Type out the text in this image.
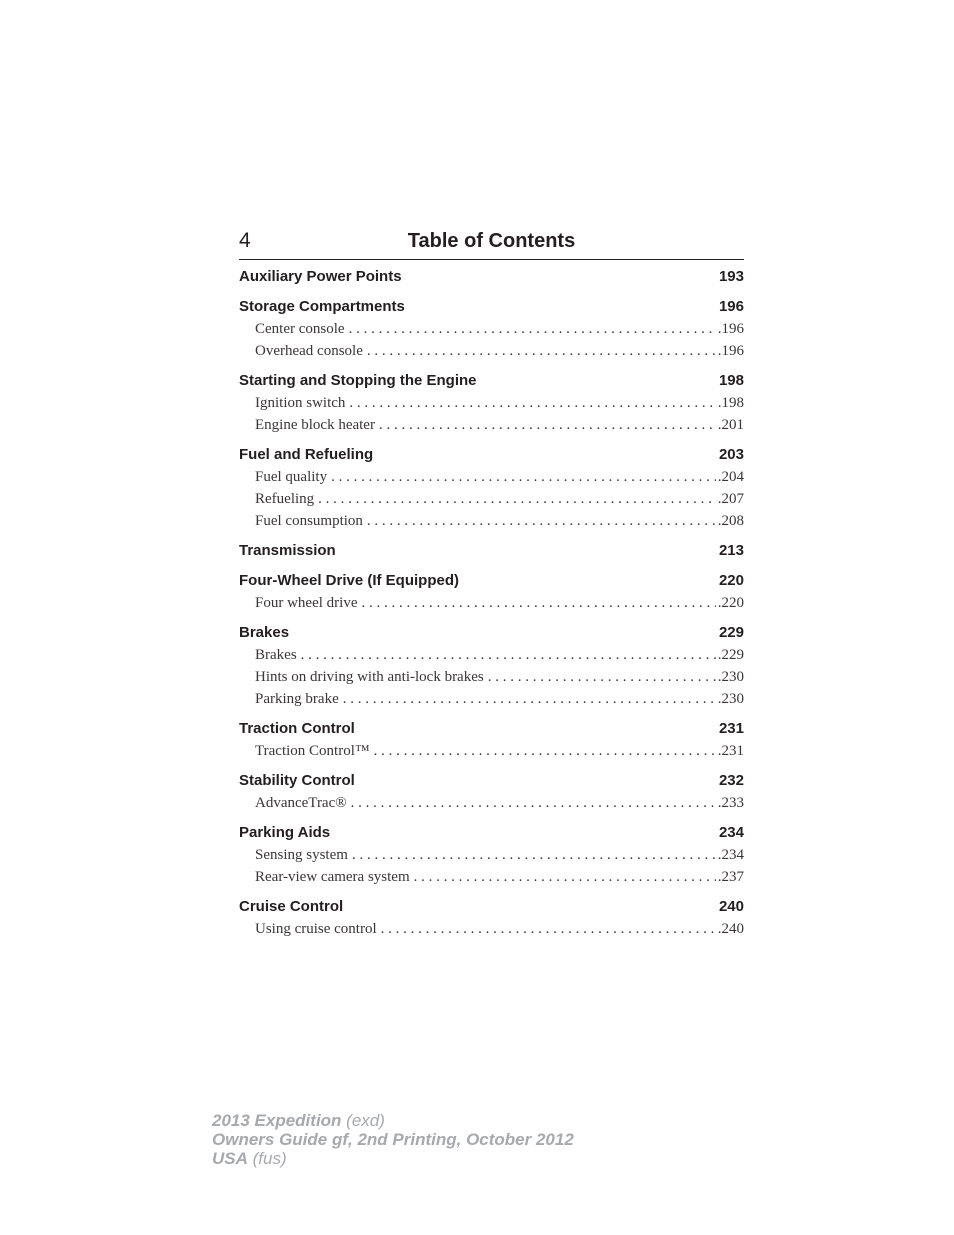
4	Table of Contents
Auxiliary Power Points	193
Storage Compartments	196
Center console . . .	.196
Overhead console . . .	.196
Starting and Stopping the Engine	198
Ignition switch . . .	.198
Engine block heater . . .	.201
Fuel and Refueling	203
Fuel quality . . .	.204
Refueling . . .	.207
Fuel consumption . . .	.208
Transmission	213
Four-Wheel Drive (If Equipped)	220
Four wheel drive . . .	.220
Brakes	229
Brakes . . .	.229
Hints on driving with anti-lock brakes . . .	.230
Parking brake . . .	.230
Traction Control	231
Traction Control™ . . .	.231
Stability Control	232
AdvanceTrac® . . .	.233
Parking Aids	234
Sensing system . . .	.234
Rear-view camera system . . .	.237
Cruise Control	240
Using cruise control . . .	.240
2013 Expedition (exd)
Owners Guide gf, 2nd Printing, October 2012
USA (fus)
